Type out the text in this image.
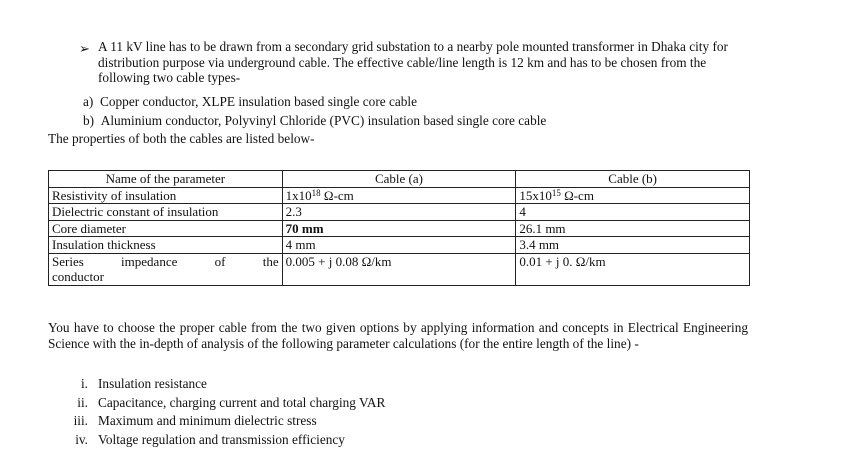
➢ A 11 kV line has to be drawn from a secondary grid substation to a nearby pole mounted transformer in Dhaka city for distribution purpose via underground cable. The effective cable/line length is 12 km and has to be chosen from the following two cable types-
a) Copper conductor, XLPE insulation based single core cable
b) Aluminium conductor, Polyvinyl Chloride (PVC) insulation based single core cable
The properties of both the cables are listed below-
Name of the parameter	Cable (a)	Cable (b)
Resistivity of insulation	$1x10^{18}$ Ω-cm	$15x10^{15}$ Ω-cm
Dielectric constant of insulation	2.3	4
Core diameter	70 mm	26.1 mm
Insulation thickness	4 mm	3.4 mm

Series impedance of the
conductor	0.005 + j 0.08 Ω/km	0.01 + j 0. Ω/km
You have to choose the proper cable from the two given options by applying information and concepts in Electrical Engineering Science with the in-depth of analysis of the following parameter calculations (for the entire length of the line) -
i. Insulation resistance
ii. Capacitance, charging current and total charging VAR
iii. Maximum and minimum dielectric stress
iv. Voltage regulation and transmission efficiency
